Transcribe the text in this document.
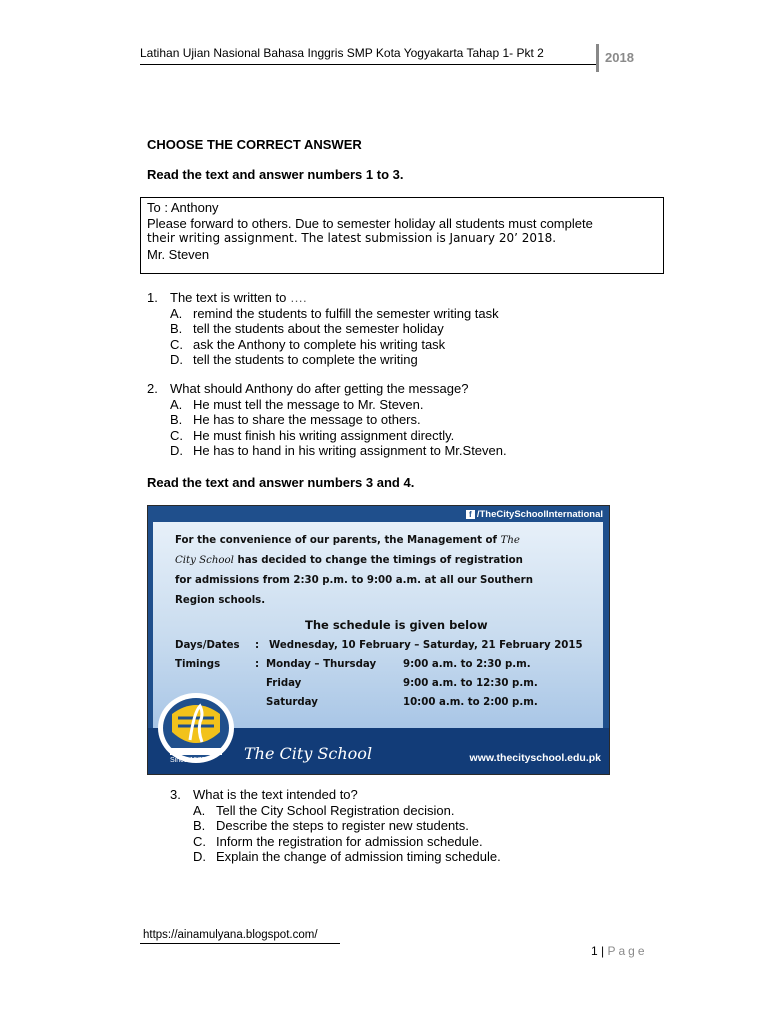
Latihan Ujian Nasional Bahasa Inggris SMP Kota Yogyakarta Tahap 1- Pkt 2	2018
CHOOSE THE CORRECT ANSWER
Read the text and answer numbers 1 to 3.
To : Anthony
Please forward to others. Due to semester holiday all students must complete
their writing assignment. The latest submission is January 20’ 2018.
Mr. Steven
1. The text is written to ….
A. remind the students to fulfill the semester writing task
B. tell the students about the semester holiday
C. ask the Anthony to complete his writing task
D. tell the students to complete the writing
2. What should Anthony do after getting the message?
A. He must tell the message to Mr. Steven.
B. He has to share the message to others.
C. He must finish his writing assignment directly.
D. He has to hand in his writing assignment to Mr.Steven.
Read the text and answer numbers 3 and 4.
f /TheCitySchoolInternational
For the convenience of our parents, the Management of The
City School has decided to change the timings of registration
for admissions from 2:30 p.m. to 9:00 a.m. at all our Southern
Region schools.
The schedule is given below
Days/Dates : Wednesday, 10 February – Saturday, 21 February 2015
Timings	: Monday – Thursday	9:00 a.m. to 2:30 p.m.
Friday	9:00 a.m. to 12:30 p.m.
Saturday	10:00 a.m. to 2:00 p.m.
Since 1978 The City School	www.thecityschool.edu.pk
3. What is the text intended to?
A. Tell the City School Registration decision.
B. Describe the steps to register new students.
C. Inform the registration for admission schedule.
D. Explain the change of admission timing schedule.
https://ainamulyana.blogspot.com/
1 | Page
